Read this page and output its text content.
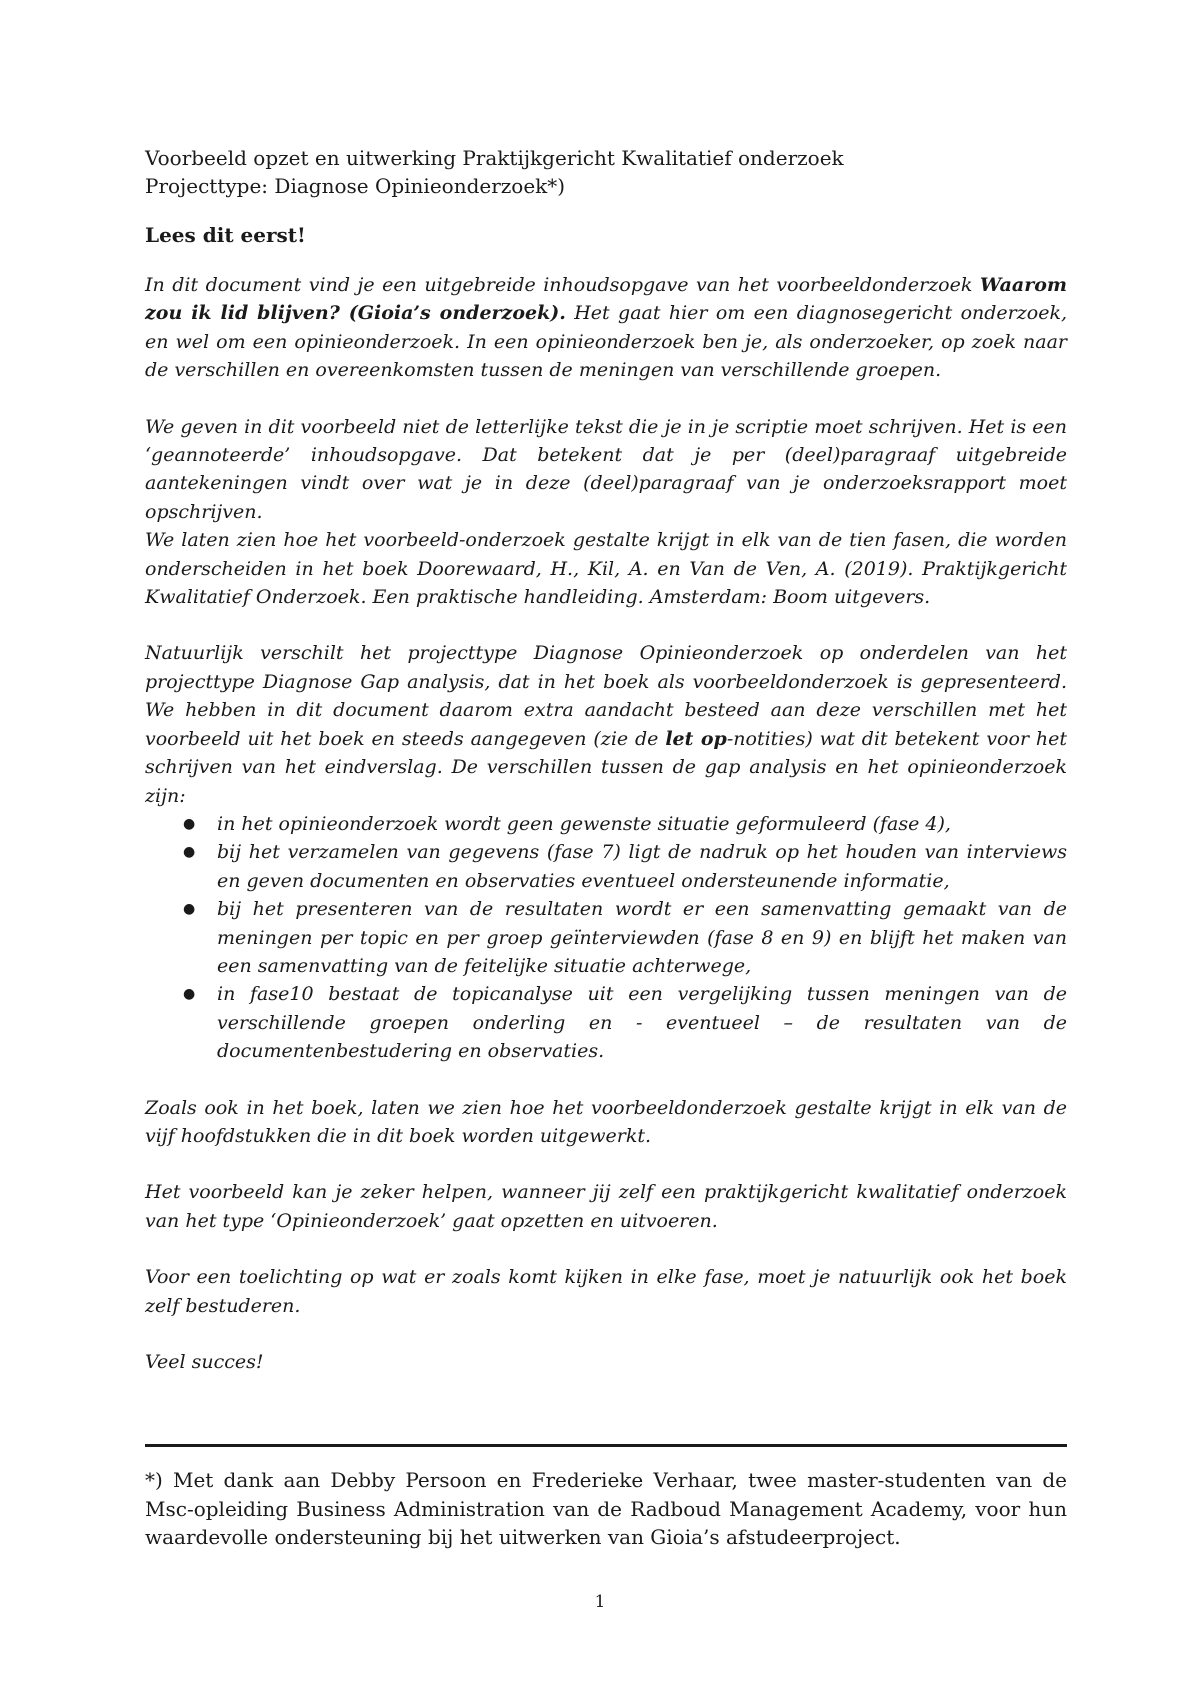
Voorbeeld opzet en uitwerking Praktijkgericht Kwalitatief onderzoek

Projecttype: Diagnose Opinieonderzoek*)

Lees dit eerst!

In dit document vind je een uitgebreide inhoudsopgave van het voorbeeldonderzoek Waarom zou ik lid blijven? (Gioia’s onderzoek). Het gaat hier om een diagnosegericht onderzoek, en wel om een opinieonderzoek. In een opinieonderzoek ben je, als onderzoeker, op zoek naar de verschillen en overeenkomsten tussen de meningen van verschillende groepen.

We geven in dit voorbeeld niet de letterlijke tekst die je in je scriptie moet schrijven. Het is een ‘geannoteerde’ inhoudsopgave. Dat betekent dat je per (deel)paragraaf uitgebreide aantekeningen vindt over wat je in deze (deel)paragraaf van je onderzoeksrapport moet opschrijven.

We laten zien hoe het voorbeeld-onderzoek gestalte krijgt in elk van de tien fasen, die worden onderscheiden in het boek Doorewaard, H., Kil, A. en Van de Ven, A. (2019). Praktijkgericht Kwalitatief Onderzoek. Een praktische handleiding. Amsterdam: Boom uitgevers.

Natuurlijk verschilt het projecttype Diagnose Opinieonderzoek op onderdelen van het projecttype Diagnose Gap analysis, dat in het boek als voorbeeldonderzoek is gepresenteerd. We hebben in dit document daarom extra aandacht besteed aan deze verschillen met het voorbeeld uit het boek en steeds aangegeven (zie de let op-notities) wat dit betekent voor het schrijven van het eindverslag. De verschillen tussen de gap analysis en het opinieonderzoek zijn:

● in het opinieonderzoek wordt geen gewenste situatie geformuleerd (fase 4),
● bij het verzamelen van gegevens (fase 7) ligt de nadruk op het houden van interviews en geven documenten en observaties eventueel ondersteunende informatie,
● bij het presenteren van de resultaten wordt er een samenvatting gemaakt van de meningen per topic en per groep geïnterviewden (fase 8 en 9) en blijft het maken van een samenvatting van de feitelijke situatie achterwege,
● in fase10 bestaat de topicanalyse uit een vergelijking tussen meningen van de verschillende groepen onderling en - eventueel – de resultaten van de documentenbestudering en observaties.

Zoals ook in het boek, laten we zien hoe het voorbeeldonderzoek gestalte krijgt in elk van de vijf hoofdstukken die in dit boek worden uitgewerkt.

Het voorbeeld kan je zeker helpen, wanneer jij zelf een praktijkgericht kwalitatief onderzoek van het type ‘Opinieonderzoek’ gaat opzetten en uitvoeren.

Voor een toelichting op wat er zoals komt kijken in elke fase, moet je natuurlijk ook het boek zelf bestuderen.

Veel succes!

*) Met dank aan Debby Persoon en Frederieke Verhaar, twee master-studenten van de Msc-opleiding Business Administration van de Radboud Management Academy, voor hun waardevolle ondersteuning bij het uitwerken van Gioia’s afstudeerproject.

1
